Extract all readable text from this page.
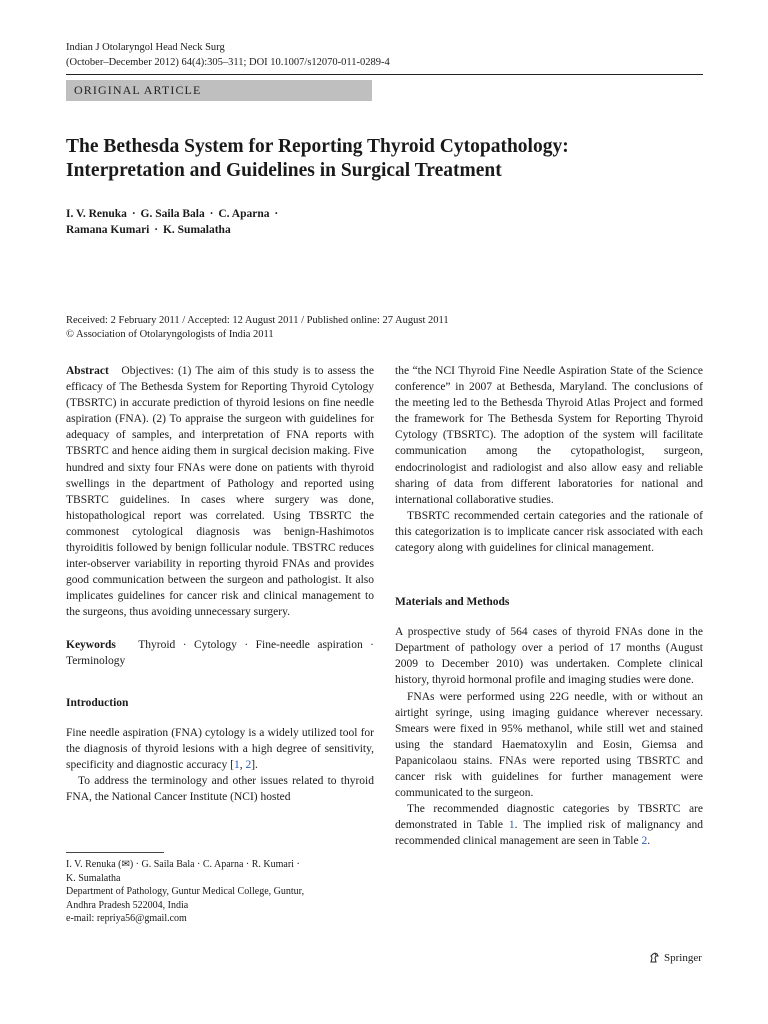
Indian J Otolaryngol Head Neck Surg
(October–December 2012) 64(4):305–311; DOI 10.1007/s12070-011-0289-4
ORIGINAL ARTICLE
The Bethesda System for Reporting Thyroid Cytopathology:
Interpretation and Guidelines in Surgical Treatment
I. V. Renuka · G. Saila Bala · C. Aparna ·
Ramana Kumari · K. Sumalatha
Received: 2 February 2011 / Accepted: 12 August 2011 / Published online: 27 August 2011
© Association of Otolaryngologists of India 2011

Abstract Objectives: (1) The aim of this study is to assess the efficacy of The Bethesda System for Reporting Thyroid Cytology (TBSRTC) in accurate prediction of thyroid lesions on fine needle aspiration (FNA). (2) To appraise the surgeon with guidelines for adequacy of samples, and interpretation of FNA reports with TBSRTC and hence aiding them in surgical decision making. Five hundred and sixty four FNAs were done on patients with thyroid swellings in the department of Pathology and reported using TBSRTC guidelines. In cases where surgery was done, histopathological report was correlated. Using TBSRTC the commonest cytological diagnosis was benign-Hashimotos thyroiditis followed by benign follicular nodule. TBSTRC reduces inter-observer variability in reporting thyroid FNAs and provides good communication between the surgeon and pathologist. It also implicates guidelines for cancer risk and clinical management to the surgeons, thus avoiding unnecessary surgery.

Keywords Thyroid · Cytology · Fine-needle aspiration · Terminology

Introduction

Fine needle aspiration (FNA) cytology is a widely utilized tool for the diagnosis of thyroid lesions with a high degree of sensitivity, specificity and diagnostic accuracy [1, 2].

To address the terminology and other issues related to thyroid FNA, the National Cancer Institute (NCI) hosted

the “the NCI Thyroid Fine Needle Aspiration State of the Science conference” in 2007 at Bethesda, Maryland. The conclusions of the meeting led to the Bethesda Thyroid Atlas Project and formed the framework for The Bethesda System for Reporting Thyroid Cytology (TBSRTC). The adoption of the system will facilitate communication among the cytopathologist, surgeon, endocrinologist and radiologist and also allow easy and reliable sharing of data from different laboratories for national and international collaborative studies.

TBSRTC recommended certain categories and the rationale of this categorization is to implicate cancer risk associated with each category along with guidelines for clinical management.

Materials and Methods

A prospective study of 564 cases of thyroid FNAs done in the Department of pathology over a period of 17 months (August 2009 to December 2010) was undertaken. Complete clinical history, thyroid hormonal profile and imaging studies were done.

FNAs were performed using 22G needle, with or without an airtight syringe, using imaging guidance wherever necessary. Smears were fixed in 95% methanol, while still wet and stained using the standard Haematoxylin and Eosin, Giemsa and Papanicolaou stains. FNAs were reported using TBSRTC and cancer risk with guidelines for further management were communicated to the surgeon.

The recommended diagnostic categories by TBSRTC are demonstrated in Table 1. The implied risk of malignancy and recommended clinical management are seen in Table 2.

I. V. Renuka (✉) · G. Saila Bala · C. Aparna · R. Kumari ·
K. Sumalatha
Department of Pathology, Guntur Medical College, Guntur,
Andhra Pradesh 522004, India
e-mail: repriya56@gmail.com
Springer
